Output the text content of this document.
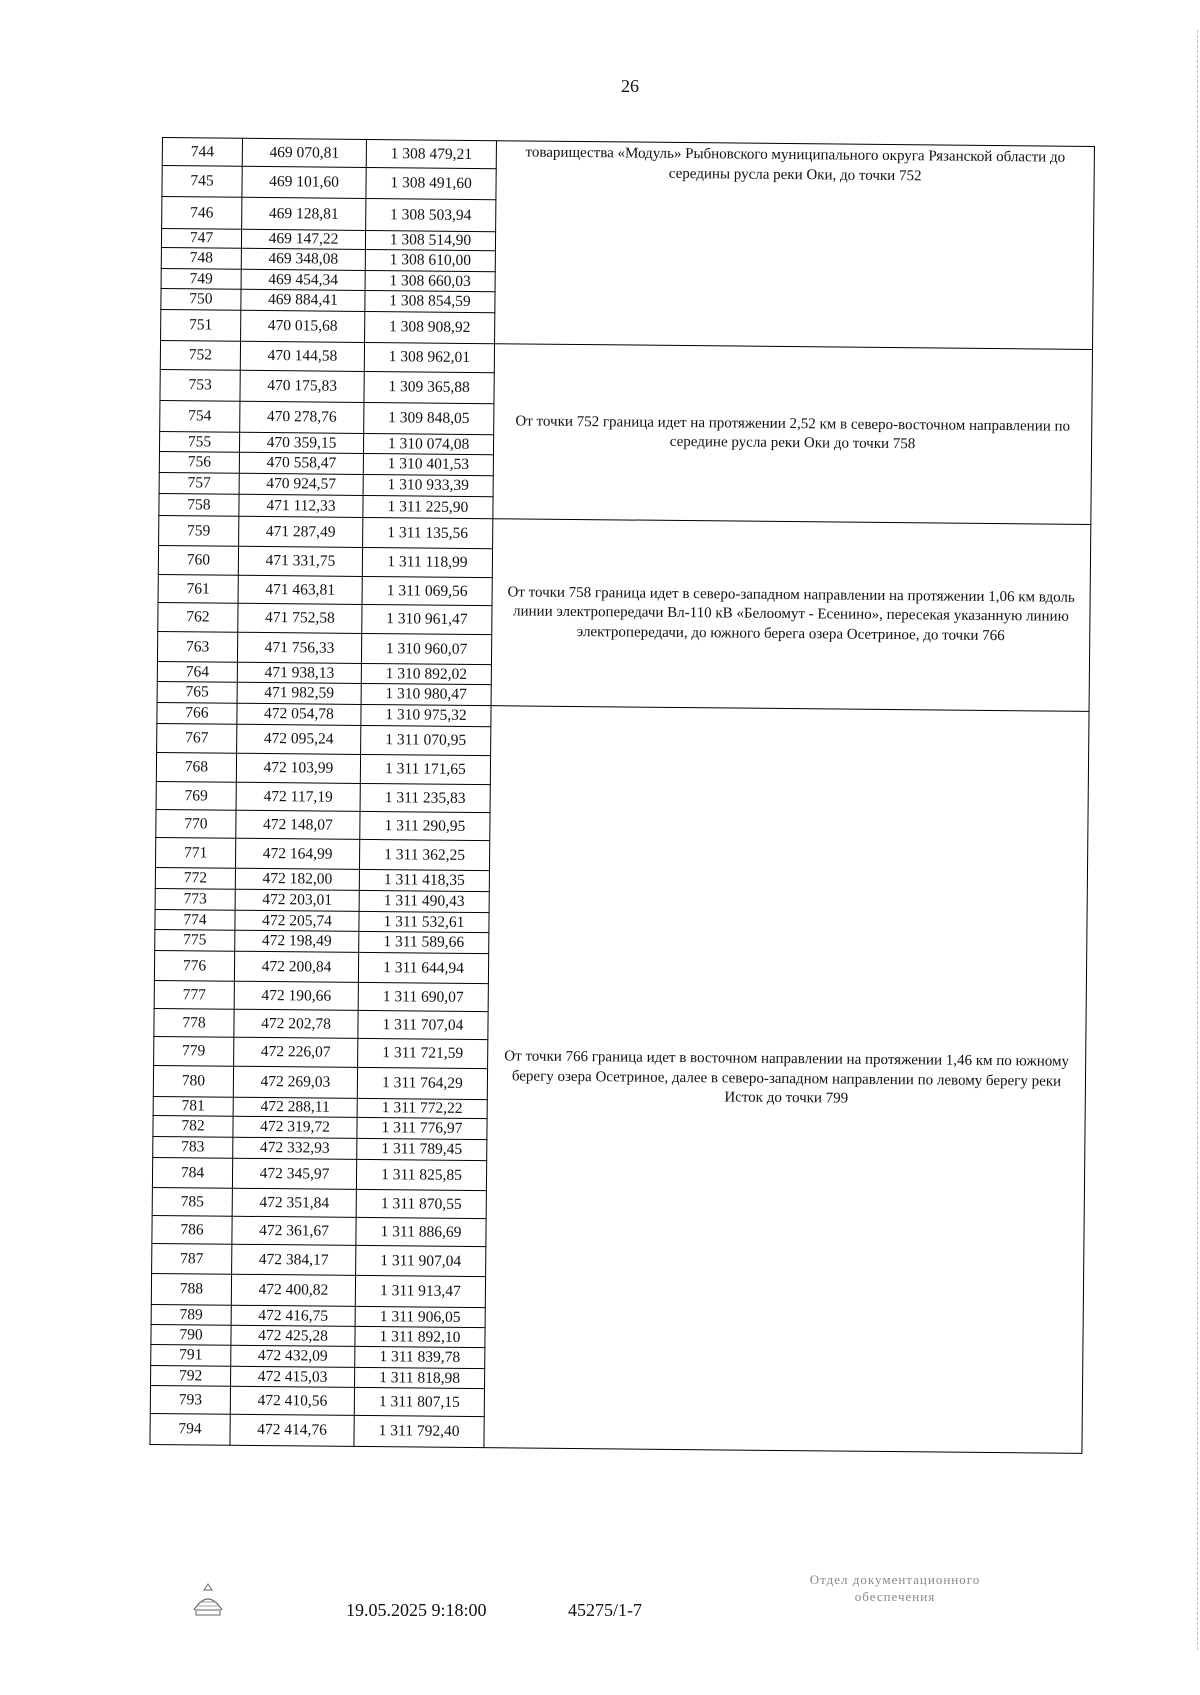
26
744	469 070,81	1 308 479,21	товарищества «Модуль» Рыбновского муниципального округа Рязанской области до середины русла реки Оки, до точки 752
745	469 101,60	1 308 491,60	
746	469 128,81	1 308 503,94	
747	469 147,22	1 308 514,90	
748	469 348,08	1 308 610,00	
749	469 454,34	1 308 660,03	
750	469 884,41	1 308 854,59	
751	470 015,68	1 308 908,92	
752	470 144,58	1 308 962,01	От точки 752 граница идет на протяжении 2,52 км в северо-восточном направлении по середине русла реки Оки до точки 758
753	470 175,83	1 309 365,88	
754	470 278,76	1 309 848,05	
755	470 359,15	1 310 074,08	
756	470 558,47	1 310 401,53	
757	470 924,57	1 310 933,39	
758	471 112,33	1 311 225,90	
759	471 287,49	1 311 135,56	От точки 758 граница идет в северо-западном направлении на протяжении 1,06 км вдоль линии электропередачи Вл-110 кВ «Белоомут - Есенино», пересекая указанную линию электропередачи, до южного берега озера Осетриное, до точки 766
760	471 331,75	1 311 118,99	
761	471 463,81	1 311 069,56	
762	471 752,58	1 310 961,47	
763	471 756,33	1 310 960,07	
764	471 938,13	1 310 892,02	
765	471 982,59	1 310 980,47	
766	472 054,78	1 310 975,32	От точки 766 граница идет в восточном направлении на протяжении 1,46 км по южному берегу озера Осетриное, далее в северо-западном направлении по левому берегу реки Исток до точки 799
767	472 095,24	1 311 070,95	
768	472 103,99	1 311 171,65	
769	472 117,19	1 311 235,83	
770	472 148,07	1 311 290,95	
771	472 164,99	1 311 362,25	
772	472 182,00	1 311 418,35	
773	472 203,01	1 311 490,43	
774	472 205,74	1 311 532,61	
775	472 198,49	1 311 589,66	
776	472 200,84	1 311 644,94	
777	472 190,66	1 311 690,07	
778	472 202,78	1 311 707,04	
779	472 226,07	1 311 721,59	
780	472 269,03	1 311 764,29	
781	472 288,11	1 311 772,22	
782	472 319,72	1 311 776,97	
783	472 332,93	1 311 789,45	
784	472 345,97	1 311 825,85	
785	472 351,84	1 311 870,55	
786	472 361,67	1 311 886,69	
787	472 384,17	1 311 907,04	
788	472 400,82	1 311 913,47	
789	472 416,75	1 311 906,05	
790	472 425,28	1 311 892,10	
791	472 432,09	1 311 839,78	
792	472 415,03	1 311 818,98	
793	472 410,56	1 311 807,15	
794	472 414,76	1 311 792,40	
19.05.2025 9:18:00	45275/1-7
Отдел документационного
обеспечения
